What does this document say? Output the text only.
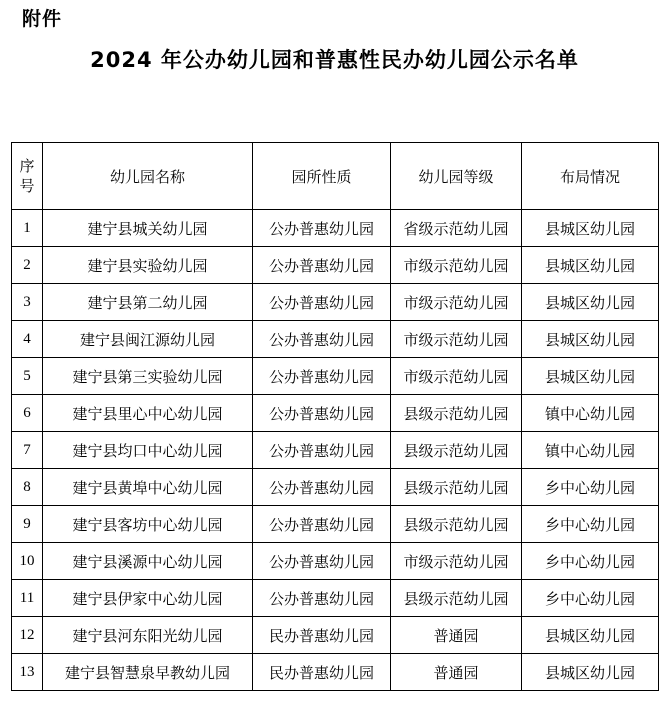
附件
2024 年公办幼儿园和普惠性民办幼儿园公示名单
序
号	幼儿园名称	园所性质	幼儿园等级	布局情况
1	建宁县城关幼儿园	公办普惠幼儿园	省级示范幼儿园	县城区幼儿园
2	建宁县实验幼儿园	公办普惠幼儿园	市级示范幼儿园	县城区幼儿园
3	建宁县第二幼儿园	公办普惠幼儿园	市级示范幼儿园	县城区幼儿园
4	建宁县闽江源幼儿园	公办普惠幼儿园	市级示范幼儿园	县城区幼儿园
5	建宁县第三实验幼儿园	公办普惠幼儿园	市级示范幼儿园	县城区幼儿园
6	建宁县里心中心幼儿园	公办普惠幼儿园	县级示范幼儿园	镇中心幼儿园
7	建宁县均口中心幼儿园	公办普惠幼儿园	县级示范幼儿园	镇中心幼儿园
8	建宁县黄埠中心幼儿园	公办普惠幼儿园	县级示范幼儿园	乡中心幼儿园
9	建宁县客坊中心幼儿园	公办普惠幼儿园	县级示范幼儿园	乡中心幼儿园
10	建宁县溪源中心幼儿园	公办普惠幼儿园	市级示范幼儿园	乡中心幼儿园
11	建宁县伊家中心幼儿园	公办普惠幼儿园	县级示范幼儿园	乡中心幼儿园
12	建宁县河东阳光幼儿园	民办普惠幼儿园	普通园	县城区幼儿园
13	建宁县智慧泉早教幼儿园	民办普惠幼儿园	普通园	县城区幼儿园
